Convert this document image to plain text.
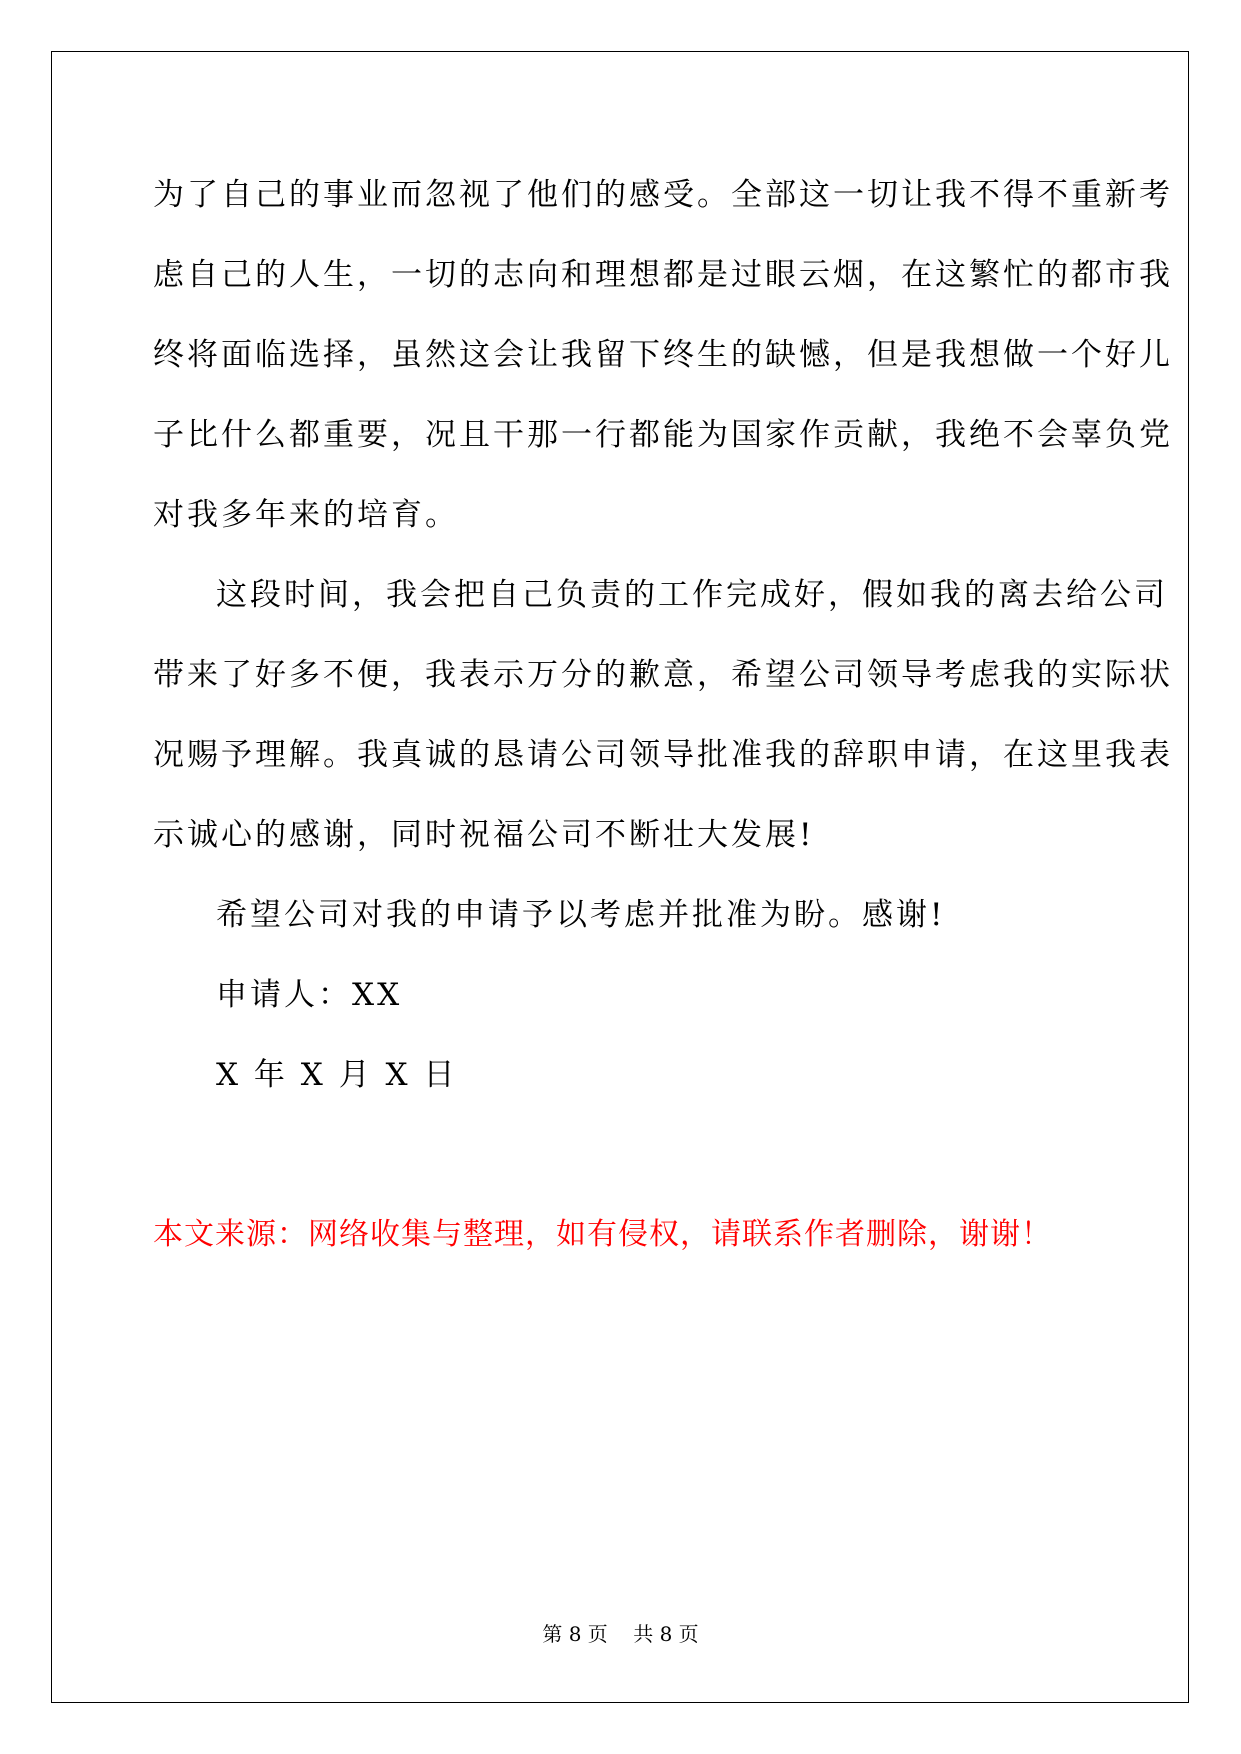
为了自己的事业而忽视了他们的感受。全部这一切让我不得不重新考
虑自己的人生，一切的志向和理想都是过眼云烟，在这繁忙的都市我
终将面临选择，虽然这会让我留下终生的缺憾，但是我想做一个好儿
子比什么都重要，况且干那一行都能为国家作贡献，我绝不会辜负党
对我多年来的培育。
这段时间，我会把自己负责的工作完成好，假如我的离去给公司
带来了好多不便，我表示万分的歉意，希望公司领导考虑我的实际状
况赐予理解。我真诚的恳请公司领导批准我的辞职申请，在这里我表
示诚心的感谢，同时祝福公司不断壮大发展!
希望公司对我的申请予以考虑并批准为盼。感谢!
申请人：XX
X 年 X 月 X 日
本文来源：网络收集与整理，如有侵权，请联系作者删除，谢谢！
第 8 页    共 8 页
